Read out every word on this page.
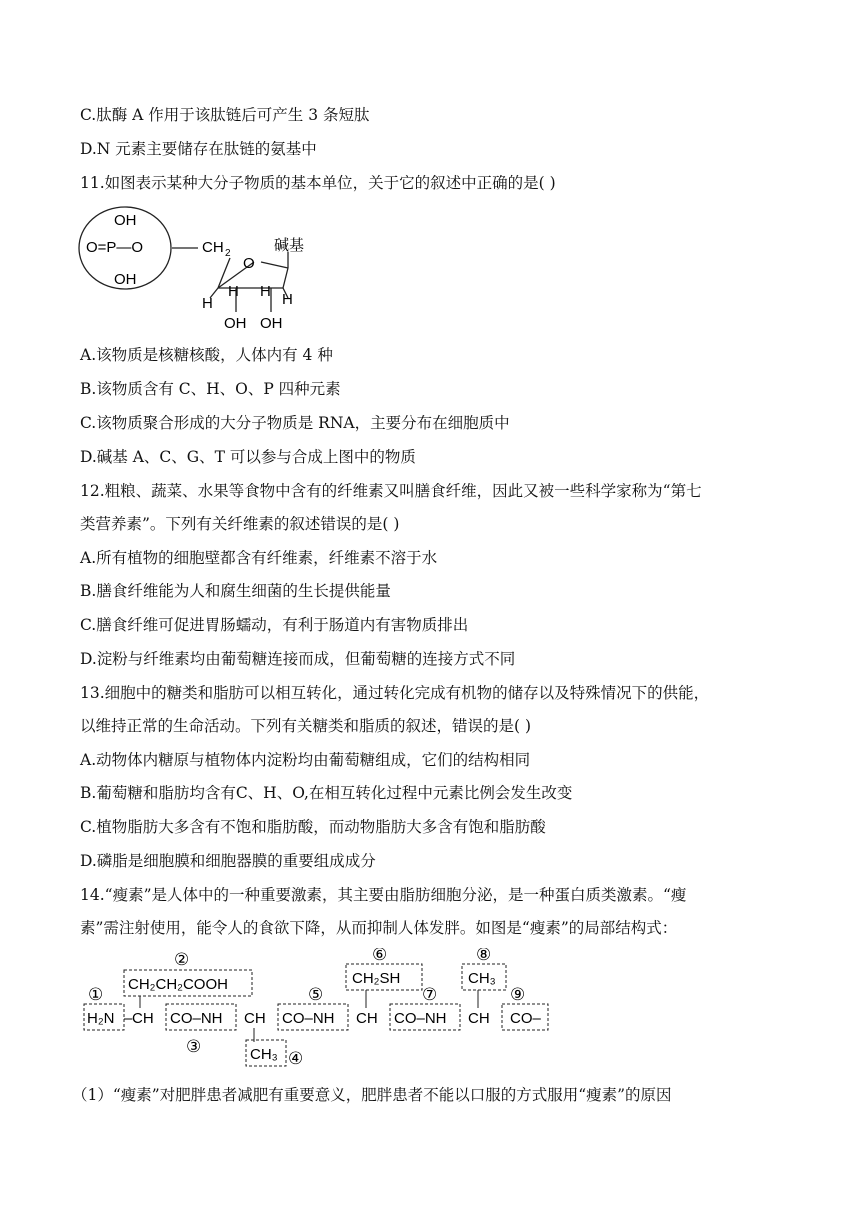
C.肽酶 A 作用于该肽链后可产生 3 条短肽
D.N 元素主要储存在肽链的氨基中
11.如图表示某种大分子物质的基本单位，关于它的叙述中正确的是( )
OH
O=P—O
OH
CH 2
O
碱基
H
H H H
OH OH
A.该物质是核糖核酸，人体内有 4 种
B.该物质含有 C、H、O、P 四种元素
C.该物质聚合形成的大分子物质是 RNA，主要分布在细胞质中
D.碱基 A、C、G、T 可以参与合成上图中的物质
12.粗粮、蔬菜、水果等食物中含有的纤维素又叫膳食纤维，因此又被一些科学家称为“第七
类营养素”。下列有关纤维素的叙述错误的是( )
A.所有植物的细胞壁都含有纤维素，纤维素不溶于水
B.膳食纤维能为人和腐生细菌的生长提供能量
C.膳食纤维可促进胃肠蠕动，有利于肠道内有害物质排出
D.淀粉与纤维素均由葡萄糖连接而成，但葡萄糖的连接方式不同
13.细胞中的糖类和脂肪可以相互转化，通过转化完成有机物的储存以及特殊情况下的供能，
以维持正常的生命活动。下列有关糖类和脂质的叙述，错误的是( )
A.动物体内糖原与植物体内淀粉均由葡萄糖组成，它们的结构相同
B.葡萄糖和脂肪均含有C、H、O,在相互转化过程中元素比例会发生改变
C.植物脂肪大多含有不饱和脂肪酸，而动物脂肪大多含有饱和脂肪酸
D.磷脂是细胞膜和细胞器膜的重要组成成分
14.“瘦素”是人体中的一种重要激素，其主要由脂肪细胞分泌，是一种蛋白质类激素。“瘦
素”需注射使用，能令人的食欲下降，从而抑制人体发胖。如图是“瘦素”的局部结构式：
①
②
③
④
⑤
⑥
⑦
⑧
⑨
H₂N – CH CO–NH CH CO–NH CH CO–NH CH CO–
CH₂CH₂COOH
CH₃
CH₂SH	CH₃
（1）“瘦素”对肥胖患者减肥有重要意义，肥胖患者不能以口服的方式服用“瘦素”的原因
